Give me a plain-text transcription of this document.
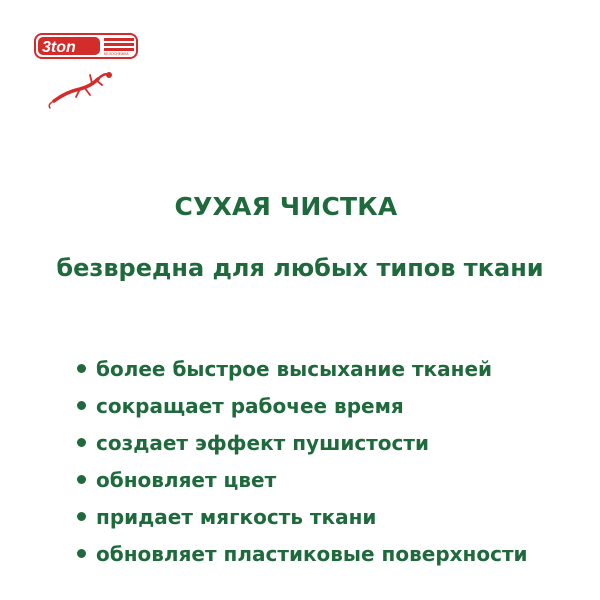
3ton	БЕЛОСНЕЖКА
СУХАЯ ЧИСТКА
безвредна для любых типов ткани
более быстрое высыхание тканей
сокращает рабочее время
создает эффект пушистости
обновляет цвет
придает мягкость ткани
обновляет пластиковые поверхности
